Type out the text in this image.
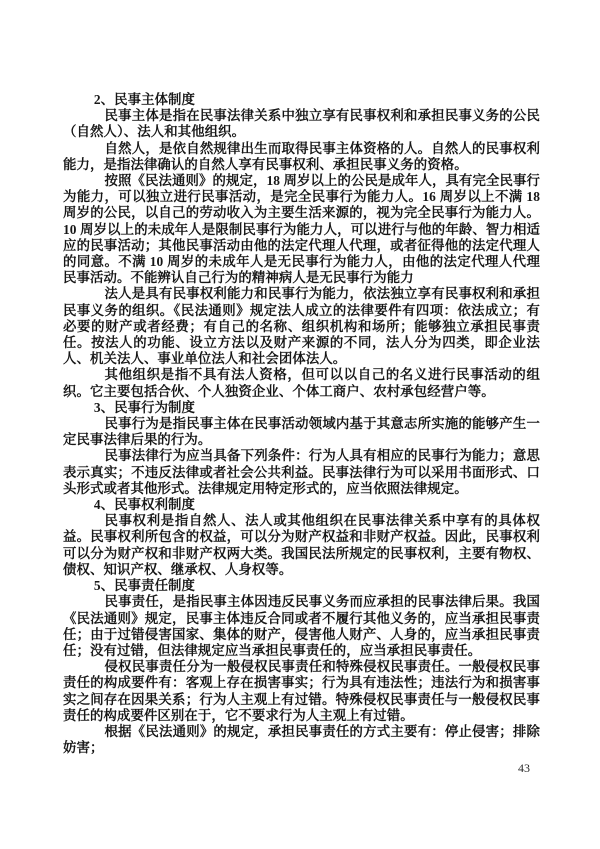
2、民事主体制度

民事主体是指在民事法律关系中独立享有民事权利和承担民事义务的公民（自然人）、法人和其他组织。

自然人，是依自然规律出生而取得民事主体资格的人。自然人的民事权利能力，是指法律确认的自然人享有民事权利、承担民事义务的资格。

按照《民法通则》的规定，18 周岁以上的公民是成年人，具有完全民事行为能力，可以独立进行民事活动，是完全民事行为能力人。16 周岁以上不满 18 周岁的公民，以自己的劳动收入为主要生活来源的，视为完全民事行为能力人。10 周岁以上的未成年人是限制民事行为能力人，可以进行与他的年龄、智力相适应的民事活动；其他民事活动由他的法定代理人代理，或者征得他的法定代理人的同意。不满 10 周岁的未成年人是无民事行为能力人，由他的法定代理人代理民事活动。不能辨认自己行为的精神病人是无民事行为能力

法人是具有民事权利能力和民事行为能力，依法独立享有民事权利和承担民事义务的组织。《民法通则》规定法人成立的法律要件有四项：依法成立；有必要的财产或者经费；有自己的名称、组织机构和场所；能够独立承担民事责任。按法人的功能、设立方法以及财产来源的不同，法人分为四类，即企业法人、机关法人、事业单位法人和社会团体法人。

其他组织是指不具有法人资格，但可以以自己的名义进行民事活动的组织。它主要包括合伙、个人独资企业、个体工商户、农村承包经营户等。

3、民事行为制度

民事行为是指民事主体在民事活动领域内基于其意志所实施的能够产生一定民事法律后果的行为。

民事法律行为应当具备下列条件：行为人具有相应的民事行为能力；意思表示真实；不违反法律或者社会公共利益。民事法律行为可以采用书面形式、口头形式或者其他形式。法律规定用特定形式的，应当依照法律规定。

4、民事权利制度

民事权利是指自然人、法人或其他组织在民事法律关系中享有的具体权益。民事权利所包含的权益，可以分为财产权益和非财产权益。因此，民事权利可以分为财产权和非财产权两大类。我国民法所规定的民事权利，主要有物权、债权、知识产权、继承权、人身权等。

5、民事责任制度

民事责任，是指民事主体因违反民事义务而应承担的民事法律后果。我国《民法通则》规定，民事主体违反合同或者不履行其他义务的，应当承担民事责任；由于过错侵害国家、集体的财产，侵害他人财产、人身的，应当承担民事责任；没有过错，但法律规定应当承担民事责任的，应当承担民事责任。

侵权民事责任分为一般侵权民事责任和特殊侵权民事责任。一般侵权民事责任的构成要件有：客观上存在损害事实；行为具有违法性；违法行为和损害事实之间存在因果关系；行为人主观上有过错。特殊侵权民事责任与一般侵权民事责任的构成要件区别在于，它不要求行为人主观上有过错。

根据《民法通则》的规定，承担民事责任的方式主要有：停止侵害；排除妨害；

43
